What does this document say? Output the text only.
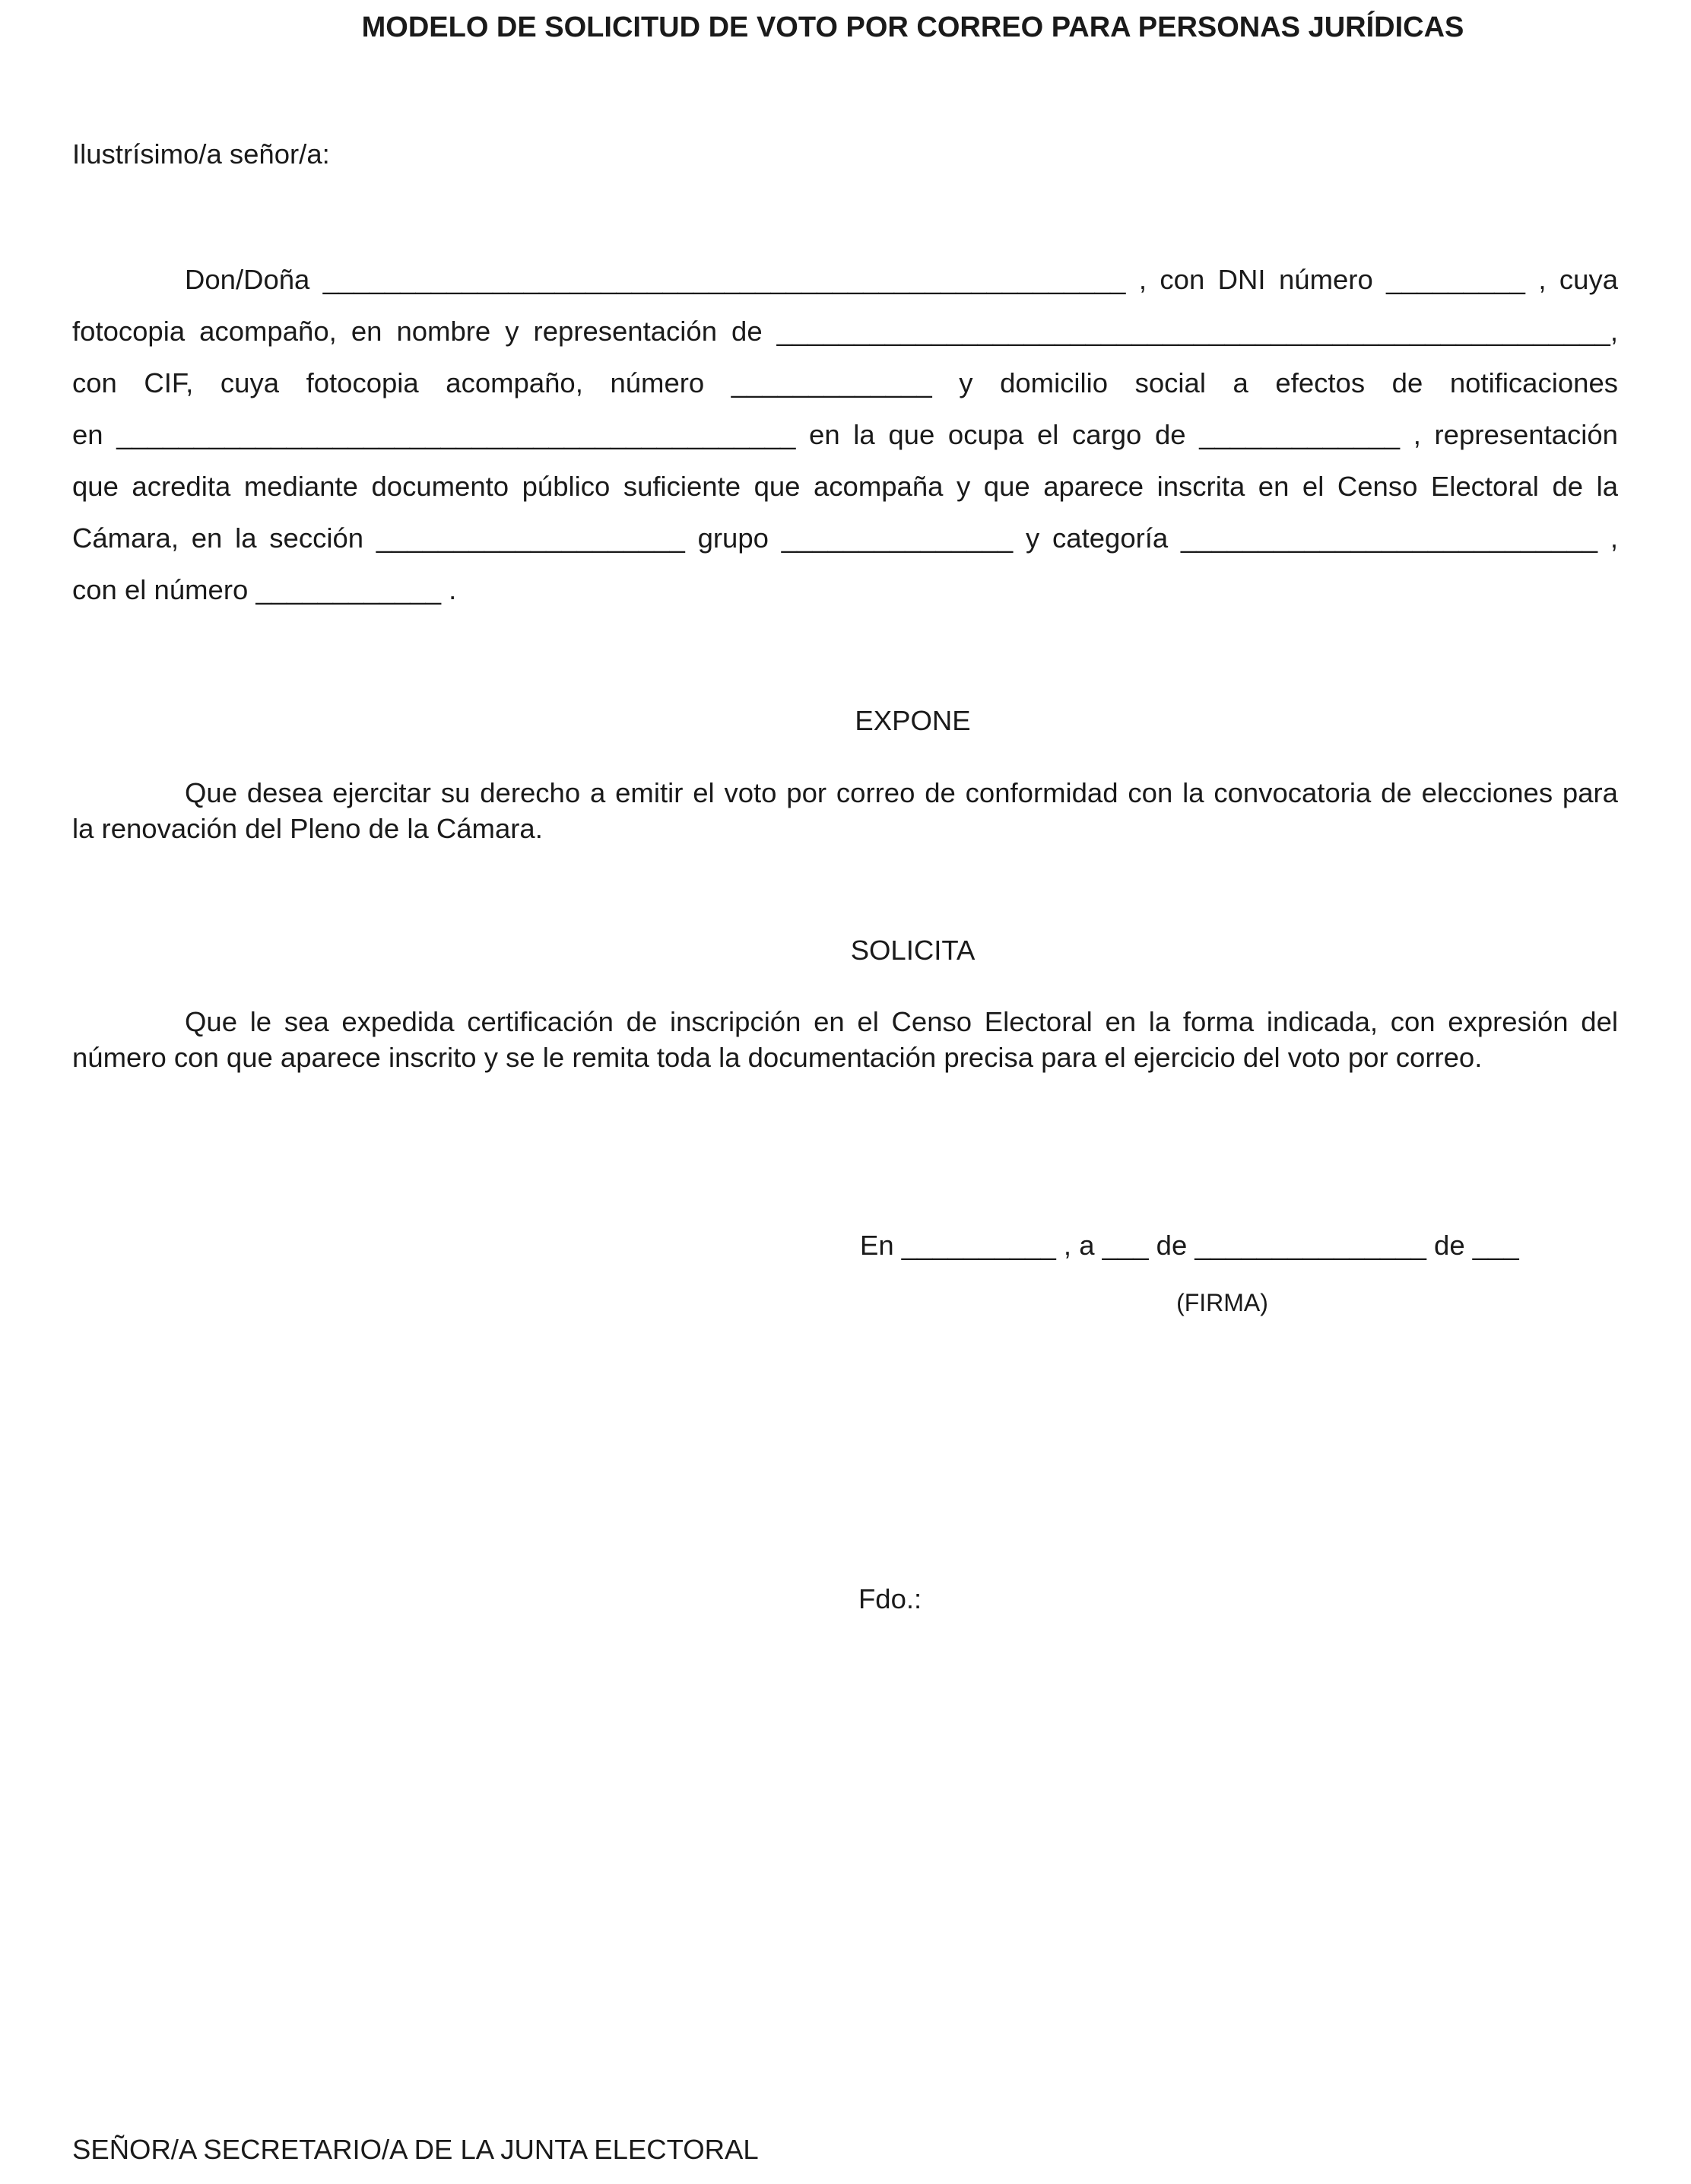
MODELO DE SOLICITUD DE VOTO POR CORREO PARA PERSONAS JURÍDICAS
Ilustrísimo/a señor/a:
Don/Doña ____________________________________________________ , con DNI número _________ , cuya
fotocopia acompaño, en nombre y representación de ______________________________________________________,
con CIF, cuya fotocopia acompaño, número _____________ y domicilio social a efectos de notificaciones
en ____________________________________________ en la que ocupa el cargo de _____________ , representación
que acredita mediante documento público suficiente que acompaña y que aparece inscrita en el Censo Electoral de la
Cámara, en la sección ____________________ grupo _______________ y categoría ___________________________ ,
con el número ____________ .
EXPONE
Que desea ejercitar su derecho a emitir el voto por correo de conformidad con la convocatoria de elecciones para
la renovación del Pleno de la Cámara.
SOLICITA
Que le sea expedida certificación de inscripción en el Censo Electoral en la forma indicada, con expresión del
número con que aparece inscrito y se le remita toda la documentación precisa para el ejercicio del voto por correo.
En __________ , a ___ de _______________ de ___
(FIRMA)
Fdo.:
SEÑOR/A SECRETARIO/A DE LA JUNTA ELECTORAL
